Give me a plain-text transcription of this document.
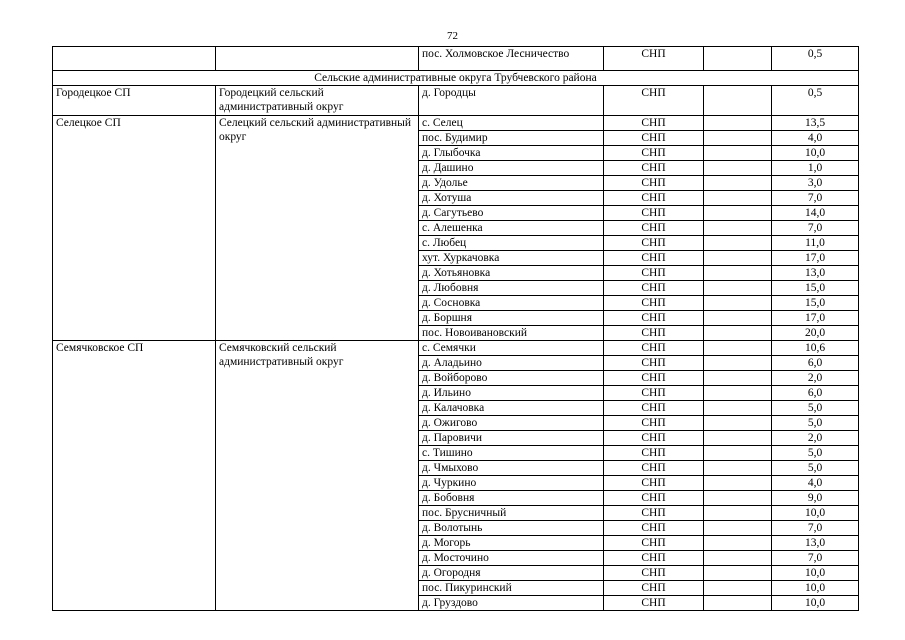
72
		пос. Холмовское Лесничество	СНП		0,5
Сельские административные округа Трубчевского района					
Городецкое СП	Городецкий сельский административный округ	д. Городцы	СНП		0,5
Селецкое СП	Селецкий сельский административный округ	с. Селец	СНП		13,5
		пос. Будимир	СНП		4,0
		д. Глыбочка	СНП		10,0
		д. Дашино	СНП		1,0
		д. Удолье	СНП		3,0
		д. Хотуша	СНП		7,0
		д. Сагутьево	СНП		14,0
		с. Алешенка	СНП		7,0
		с. Любец	СНП		11,0
		хут. Хуркачовка	СНП		17,0
		д. Хотьяновка	СНП		13,0
		д. Любовня	СНП		15,0
		д. Сосновка	СНП		15,0
		д. Боршня	СНП		17,0
		пос. Новоивановский	СНП		20,0
Семячковское СП	Семячковский сельский административный округ	с. Семячки	СНП		10,6
		д. Аладьино	СНП		6,0
		д. Войборово	СНП		2,0
		д. Ильино	СНП		6,0
		д. Калачовка	СНП		5,0
		д. Ожигово	СНП		5,0
		д. Паровичи	СНП		2,0
		с. Тишино	СНП		5,0
		д. Чмыхово	СНП		5,0
		д. Чуркино	СНП		4,0
		д. Бобовня	СНП		9,0
		пос. Брусничный	СНП		10,0
		д. Волотынь	СНП		7,0
		д. Могорь	СНП		13,0
		д. Мосточино	СНП		7,0
		д. Огородня	СНП		10,0
		пос. Пикуринский	СНП		10,0
		д. Груздово	СНП		10,0
